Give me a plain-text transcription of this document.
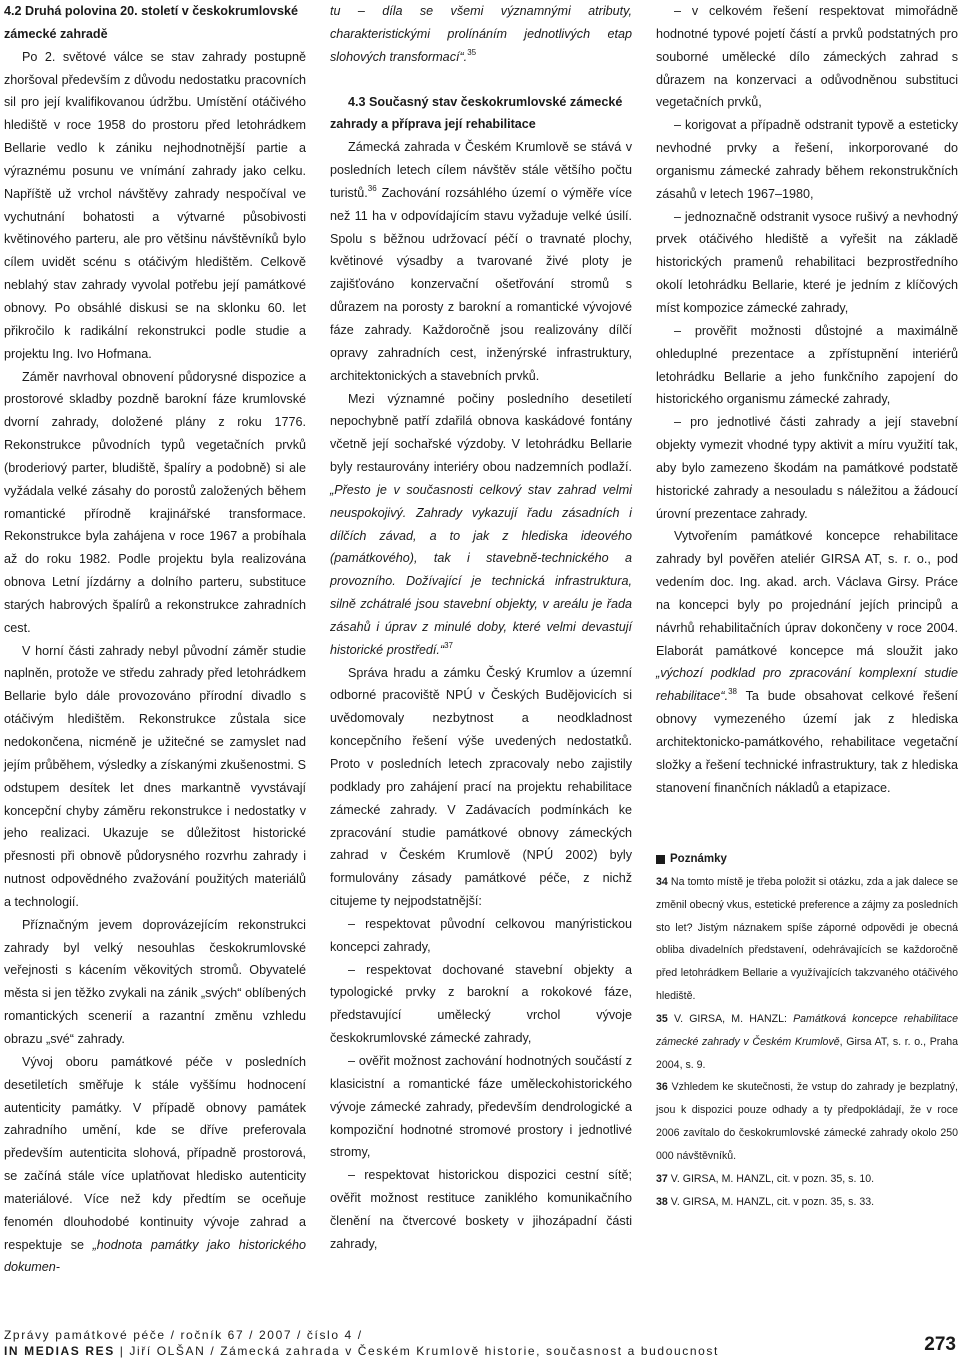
4.2 Druhá polovina 20. století v českokrumlovské zámecké zahradě

Po 2. světové válce se stav zahrady postupně zhoršoval především z důvodu nedostatku pracovních sil pro její kvalifikovanou údržbu. Umístění otáčivého hlediště v roce 1958 do prostoru před letohrádkem Bellarie vedlo k zániku nejhodnotnější partie a výraznému posunu ve vnímání zahrady jako celku. Napříště už vrchol návštěvy zahrady nespočíval ve vychutnání bohatosti a výtvarné působivosti květinového parteru, ale pro většinu návštěvníků bylo cílem uvidět scénu s otáčivým hledištěm. Celkově neblahý stav zahrady vyvolal potřebu její památkové obnovy. Po obsáhlé diskusi se na sklonku 60. let přikročilo k radikální rekonstrukci podle studie a projektu Ing. Ivo Hofmana.

Záměr navrhoval obnovení půdorysné dispozice a prostorové skladby pozdně barokní fáze krumlovské dvorní zahrady, doložené plány z roku 1776. Rekonstrukce původních typů vegetačních prvků (broderiový parter, bludiště, špalíry a podobně) si ale vyžádala velké zásahy do porostů založených během romantické přírodně krajinářské transformace. Rekonstrukce byla zahájena v roce 1967 a probíhala až do roku 1982. Podle projektu byla realizována obnova Letní jízdárny a dolního parteru, substituce starých habrových špalírů a rekonstrukce zahradních cest.

V horní části zahrady nebyl původní záměr studie naplněn, protože ve středu zahrady před letohrádkem Bellarie bylo dále provozováno přírodní divadlo s otáčivým hledištěm. Rekonstrukce zůstala sice nedokončena, nicméně je užitečné se zamyslet nad jejím průběhem, výsledky a získanými zkušenostmi. S odstupem desítek let dnes markantně vyvstávají koncepční chyby záměru rekonstrukce i nedostatky v jeho realizaci. Ukazuje se důležitost historické přesnosti při obnově půdorysného rozvrhu zahrady i nutnost odpovědného zvažování použitých materiálů a technologií.

Příznačným jevem doprovázejícím rekonstrukci zahrady byl velký nesouhlas českokrumlovské veřejnosti s kácením věkovitých stromů. Obyvatelé města si jen těžko zvykali na zánik „svých“ oblíbených romantických scenerií a razantní změnu vzhledu obrazu „své“ zahrady.

Vývoj oboru památkové péče v posledních desetiletích směřuje k stále vyššímu hodnocení autenticity památky. V případě obnovy památek zahradního umění, kde se dříve preferovala především autenticita slohová, případně prostorová, se začíná stále více uplatňovat hledisko autenticity materiálové. Více než kdy předtím se oceňuje fenomén dlouhodobé kontinuity vývoje zahrad a respektuje se „hodnota památky jako historického dokumen-

tu – díla se všemi významnými atributy, charakteristickými prolínáním jednotlivých etap slohových transformací“.$^{35}$

4.3 Současný stav českokrumlovské zámecké zahrady a příprava její rehabilitace

Zámecká zahrada v Českém Krumlově se stává v posledních letech cílem návštěv stále většího počtu turistů.$^{36}$ Zachování rozsáhlého území o výměře více než 11 ha v odpovídajícím stavu vyžaduje velké úsilí. Spolu s běžnou udržovací péčí o travnaté plochy, květinové výsadby a tvarované živé ploty je zajišťováno konzervační ošetřování stromů s důrazem na porosty z barokní a romantické vývojové fáze zahrady. Každoročně jsou realizovány dílčí opravy zahradních cest, inženýrské infrastruktury, architektonických a stavebních prvků.

Mezi významné počiny posledního desetiletí nepochybně patří zdařilá obnova kaskádové fontány včetně její sochařské výzdoby. V letohrádku Bellarie byly restaurovány interiéry obou nadzemních podlaží. „Přesto je v současnosti celkový stav zahrad velmi neuspokojivý. Zahrady vykazují řadu zásadních i dílčích závad, a to jak z hlediska ideového (památkového), tak i stavebně-technického a provozního. Dožívající je technická infrastruktura, silně zchátralé jsou stavební objekty, v areálu je řada zásahů i úprav z minulé doby, které velmi devastují historické prostředí.“$^{37}$

Správa hradu a zámku Český Krumlov a územní odborné pracoviště NPÚ v Českých Budějovicích si uvědomovaly nezbytnost a neodkladnost koncepčního řešení výše uvedených nedostatků. Proto v posledních letech zpracovaly nebo zajistily podklady pro zahájení prací na projektu rehabilitace zámecké zahrady. V Zadávacích podmínkách ke zpracování studie památkové obnovy zámeckých zahrad v Českém Krumlově (NPÚ 2002) byly formulovány zásady památkové péče, z nichž citujeme ty nejpodstatnější:

– respektovat původní celkovou manýristickou koncepci zahrady,

– respektovat dochované stavební objekty a typologické prvky z barokní a rokokové fáze, představující umělecký vrchol vývoje českokrumlovské zámecké zahrady,

– ověřit možnost zachování hodnotných součástí z klasicistní a romantické fáze uměleckohistorického vývoje zámecké zahrady, především dendrologické a kompoziční hodnotné stromové prostory i jednotlivé stromy,

– respektovat historickou dispozici cestní sítě; ověřit možnost restituce zaniklého komunikačního členění na čtvercové boskety v jihozápadní části zahrady,

– v celkovém řešení respektovat mimořádně hodnotné typové pojetí částí a prvků podstatných pro souborné umělecké dílo zámeckých zahrad s důrazem na konzervaci a odůvodněnou substituci vegetačních prvků,

– korigovat a případně odstranit typově a esteticky nevhodné prvky a řešení, inkorporované do organismu zámecké zahrady během rekonstrukčních zásahů v letech 1967–1980,

– jednoznačně odstranit vysoce rušivý a nevhodný prvek otáčivého hlediště a vyřešit na základě historických pramenů rehabilitaci bezprostředního okolí letohrádku Bellarie, které je jedním z klíčových míst kompozice zámecké zahrady,

– prověřit možnosti důstojné a maximálně ohleduplné prezentace a zpřístupnění interiérů letohrádku Bellarie a jeho funkčního zapojení do historického organismu zámecké zahrady,

– pro jednotlivé části zahrady a její stavební objekty vymezit vhodné typy aktivit a míru využití tak, aby bylo zamezeno škodám na památkové podstatě historické zahrady a nesouladu s náležitou a žádoucí úrovní prezentace zahrady.

Vytvořením památkové koncepce rehabilitace zahrady byl pověřen ateliér GIRSA AT, s. r. o., pod vedením doc. Ing. akad. arch. Václava Girsy. Práce na koncepci byly po projednání jejích principů a návrhů rehabilitačních úprav dokončeny v roce 2004. Elaborát památkové koncepce má sloužit jako „výchozí podklad pro zpracování komplexní studie rehabilitace“.$^{38}$ Ta bude obsahovat celkové řešení obnovy vymezeného území jak z hlediska architektonicko-památkového, rehabilitace vegetační složky a řešení technické infrastruktury, tak z hlediska stanovení finančních nákladů a etapizace.

Poznámky

34 Na tomto místě je třeba položit si otázku, zda a jak dalece se změnil obecný vkus, estetické preference a zájmy za posledních sto let? Jistým náznakem spíše záporné odpovědi je obecná obliba divadelních představení, odehrávajících se každoročně před letohrádkem Bellarie a využívajících takzvaného otáčivého hlediště.

35 V. GIRSA, M. HANZL: Památková koncepce rehabilitace zámecké zahrady v Českém Krumlově, Girsa AT, s. r. o., Praha 2004, s. 9.

36 Vzhledem ke skutečnosti, že vstup do zahrady je bezplatný, jsou k dispozici pouze odhady a ty předpokládají, že v roce 2006 zavítalo do českokrumlovské zámecké zahrady okolo 250 000 návštěvníků.

37 V. GIRSA, M. HANZL, cit. v pozn. 35, s. 10.

38 V. GIRSA, M. HANZL, cit. v pozn. 35, s. 33.

Zprávy památkové péče / ročník 67 / 2007 / číslo 4 /
IN MEDIAS RES | Jiří OLŠAN / Zámecká zahrada v Českém Krumlově historie, současnost a budoucnost	273
